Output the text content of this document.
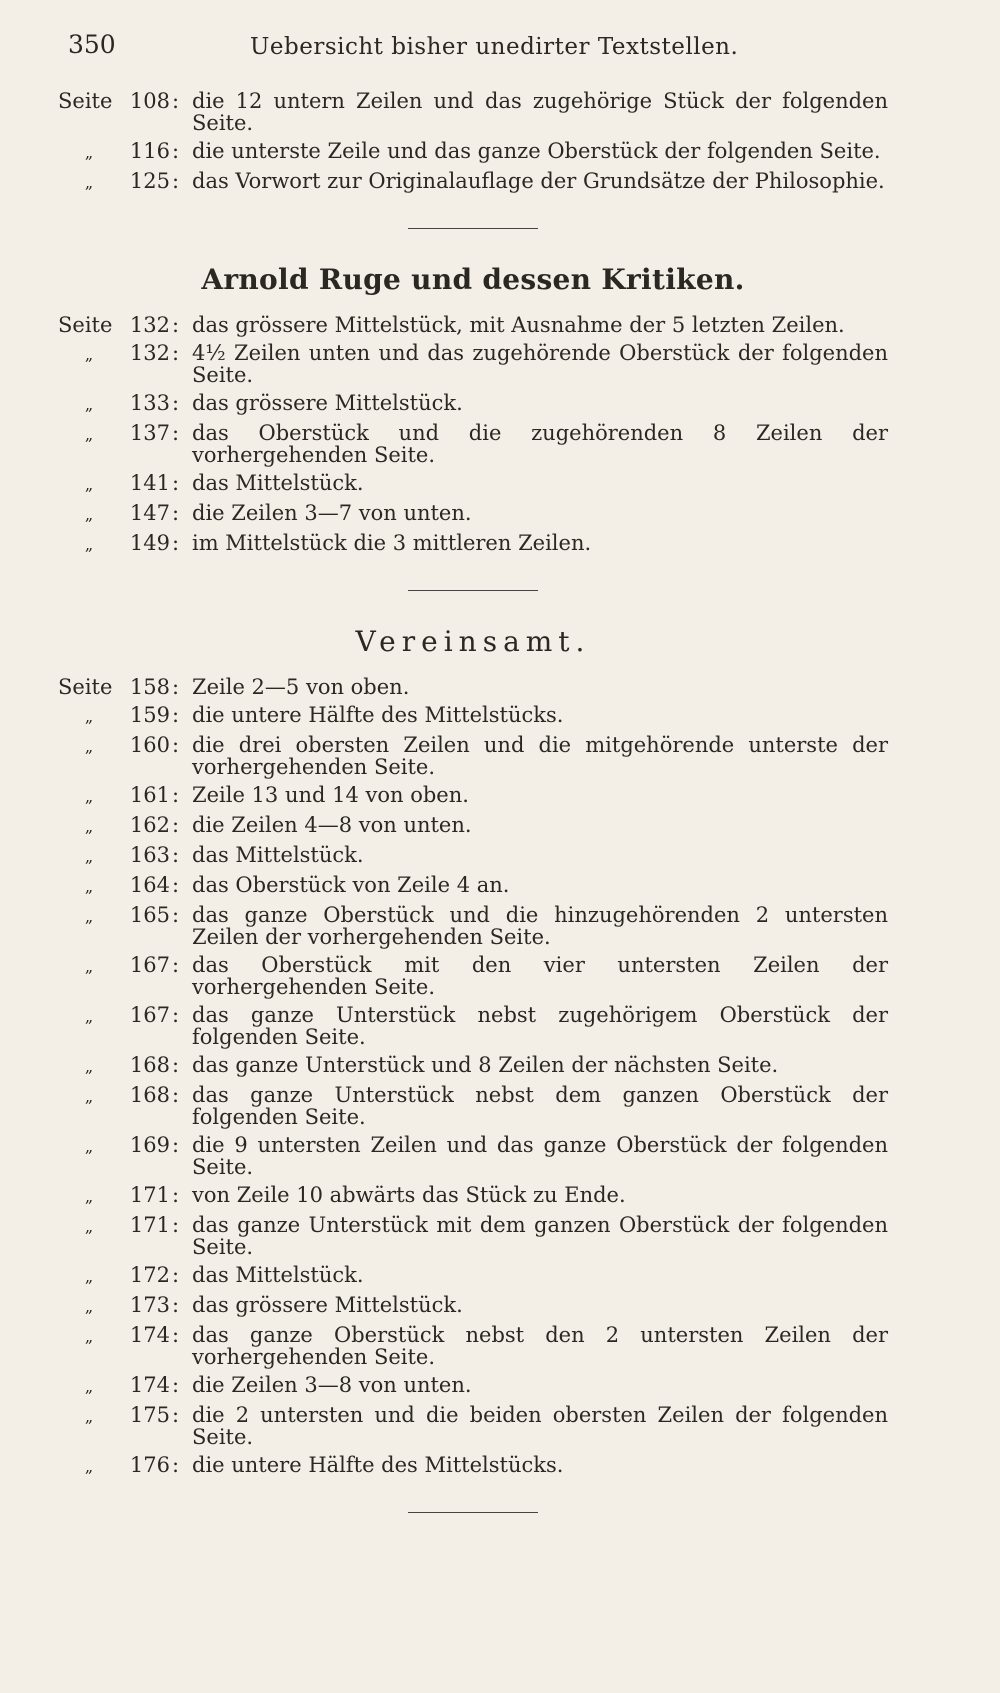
350	Uebersicht bisher unedirter Textstellen.
Seite 108 : die 12 untern Zeilen und das zugehörige Stück der folgenden Seite.
„	116 : die unterste Zeile und das ganze Oberstück der folgenden Seite.
„	125 : das Vorwort zur Originalauflage der Grundsätze der Philosophie.
Arnold Ruge und dessen Kritiken.
Seite 132 : das grössere Mittelstück, mit Ausnahme der 5 letzten Zeilen.
„	132 : 4½ Zeilen unten und das zugehörende Oberstück der folgenden Seite.
„	133 : das grössere Mittelstück.
„	137 : das Oberstück und die zugehörenden 8 Zeilen der vorhergehenden Seite.
„	141 : das Mittelstück.
„	147 : die Zeilen 3—7 von unten.
„	149 : im Mittelstück die 3 mittleren Zeilen.
Vereinsamt.
Seite 158 : Zeile 2—5 von oben.
„	159 : die untere Hälfte des Mittelstücks.
„	160 : die drei obersten Zeilen und die mitgehörende unterste der vorhergehenden Seite.
„	161 : Zeile 13 und 14 von oben.
„	162 : die Zeilen 4—8 von unten.
„	163 : das Mittelstück.
„	164 : das Oberstück von Zeile 4 an.
„	165 : das ganze Oberstück und die hinzugehörenden 2 untersten Zeilen der vorhergehenden Seite.
„	167 : das Oberstück mit den vier untersten Zeilen der vorhergehenden Seite.
„	167 : das ganze Unterstück nebst zugehörigem Oberstück der folgenden Seite.
„	168 : das ganze Unterstück und 8 Zeilen der nächsten Seite.
„	168 : das ganze Unterstück nebst dem ganzen Oberstück der folgenden Seite.
„	169 : die 9 untersten Zeilen und das ganze Oberstück der folgenden Seite.
„	171 : von Zeile 10 abwärts das Stück zu Ende.
„	171 : das ganze Unterstück mit dem ganzen Oberstück der folgenden Seite.
„	172 : das Mittelstück.
„	173 : das grössere Mittelstück.
„	174 : das ganze Oberstück nebst den 2 untersten Zeilen der vorhergehenden Seite.
„	174 : die Zeilen 3—8 von unten.
„	175 : die 2 untersten und die beiden obersten Zeilen der folgenden Seite.
„	176 : die untere Hälfte des Mittelstücks.
